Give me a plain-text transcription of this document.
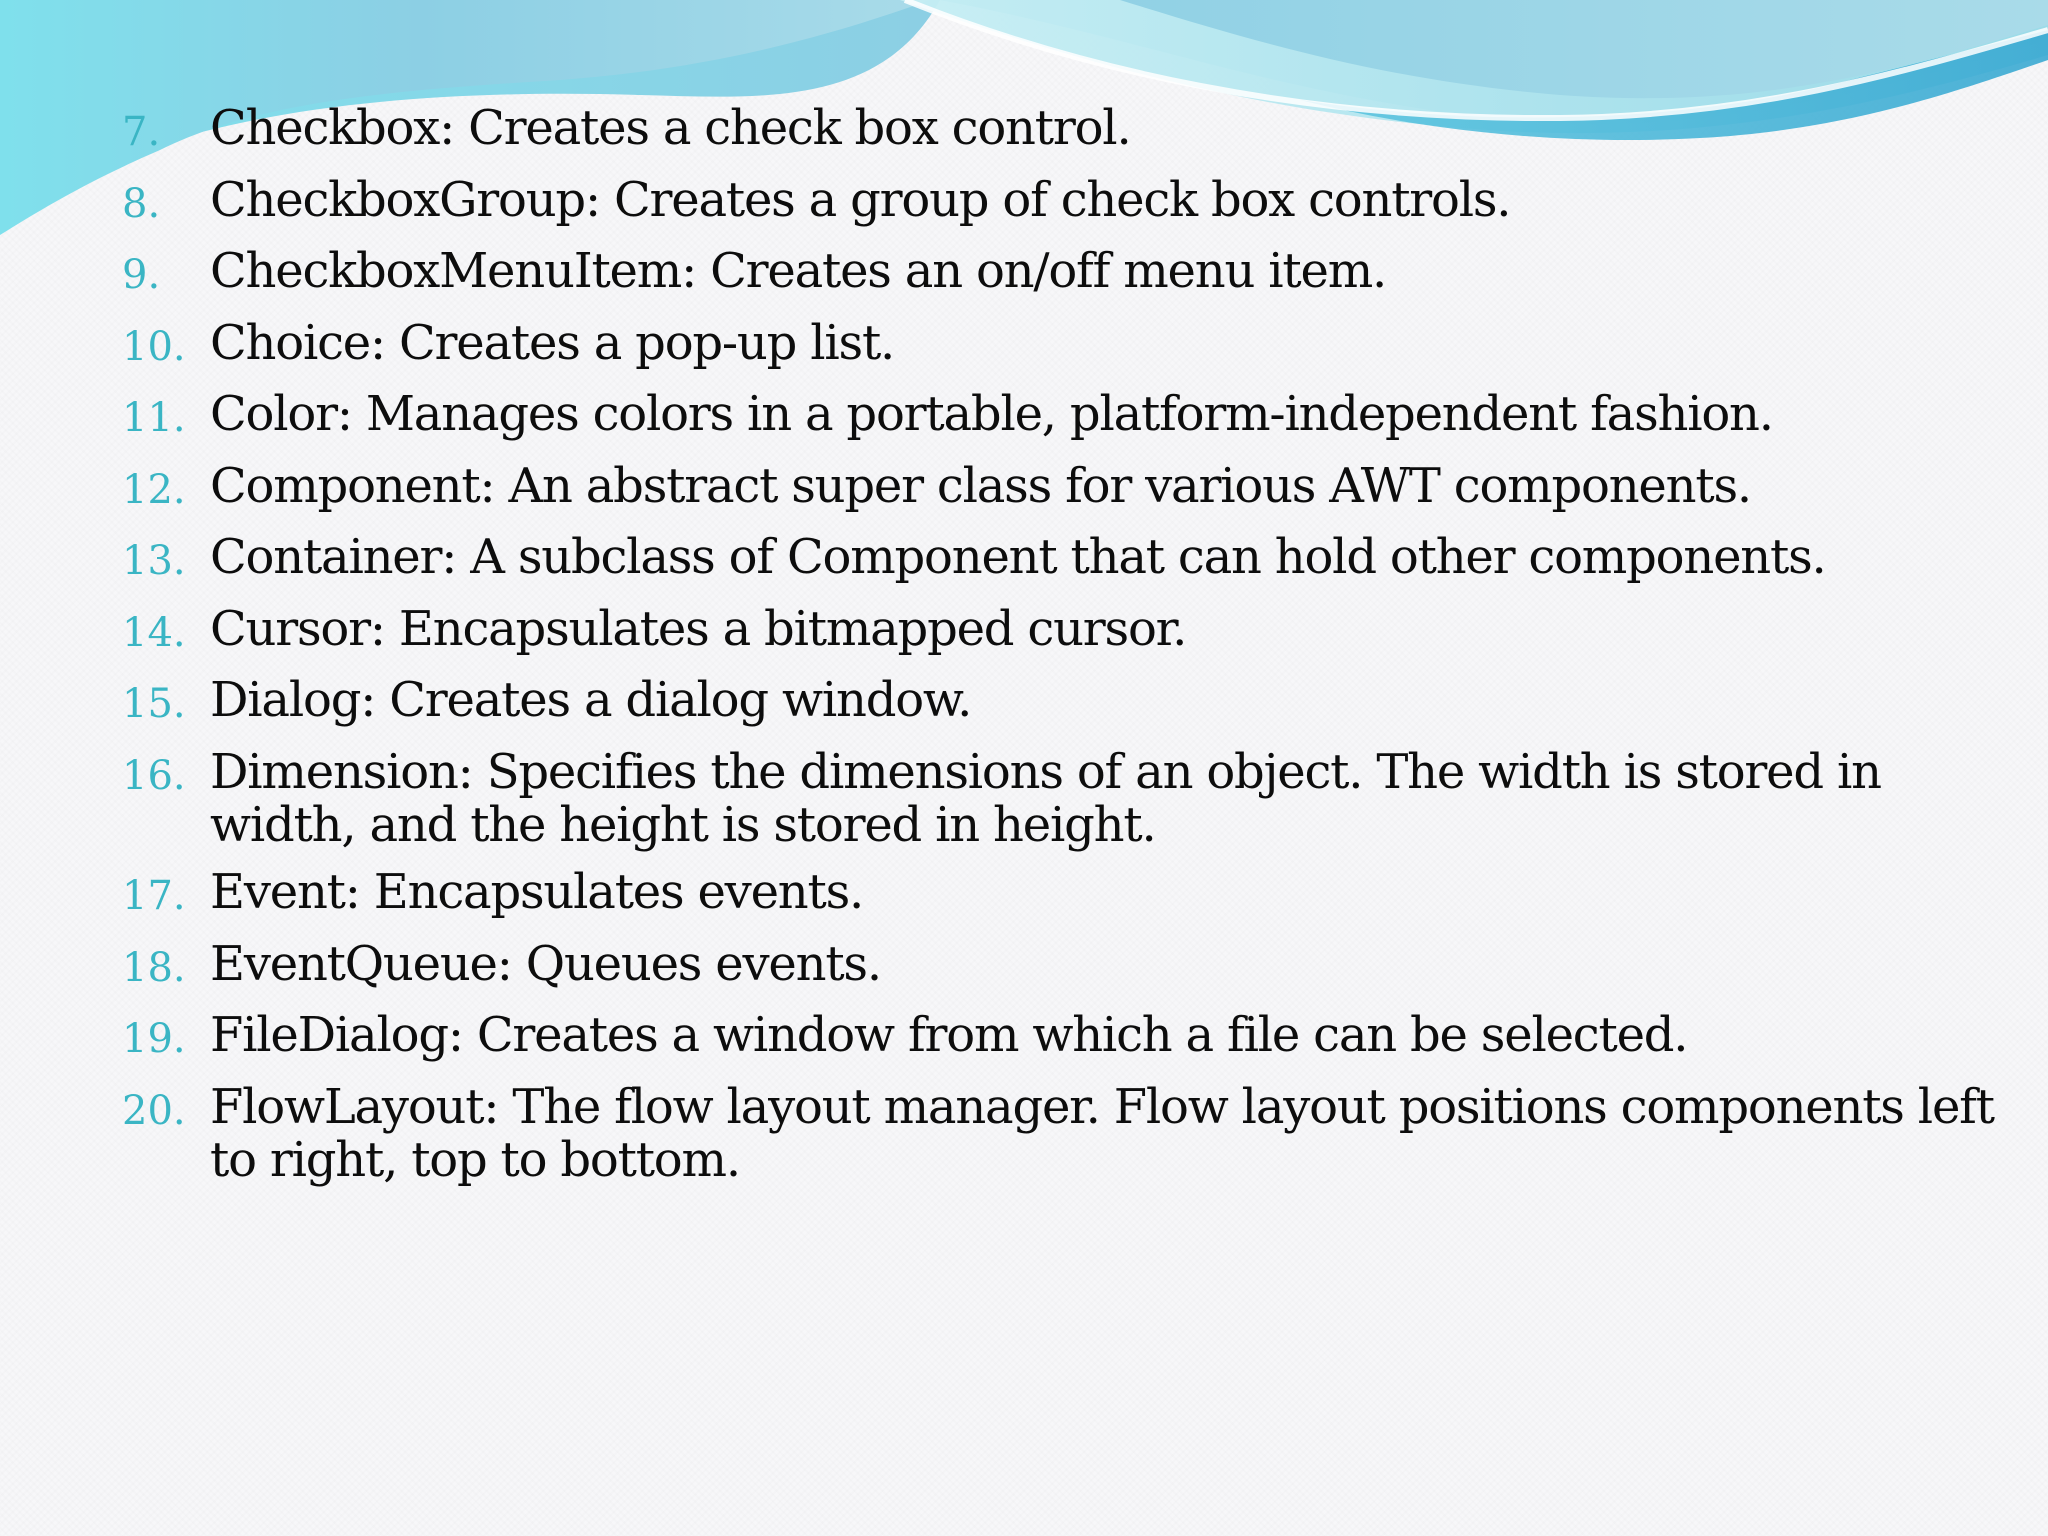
7.	Checkbox: Creates a check box control.
8.	CheckboxGroup: Creates a group of check box controls.
9.	CheckboxMenuItem: Creates an on/off menu item.
10. Choice: Creates a pop-up list.
11. Color: Manages colors in a portable, platform-independent fashion.
12. Component: An abstract super class for various AWT components.
13. Container: A subclass of Component that can hold other components.
14. Cursor: Encapsulates a bitmapped cursor.
15. Dialog: Creates a dialog window.
16. Dimension: Specifies the dimensions of an object. The width is stored in width, and the height is stored in height.
17. Event: Encapsulates events.
18. EventQueue: Queues events.
19. FileDialog: Creates a window from which a file can be selected.
20. FlowLayout: The flow layout manager. Flow layout positions components left to right, top to bottom.
